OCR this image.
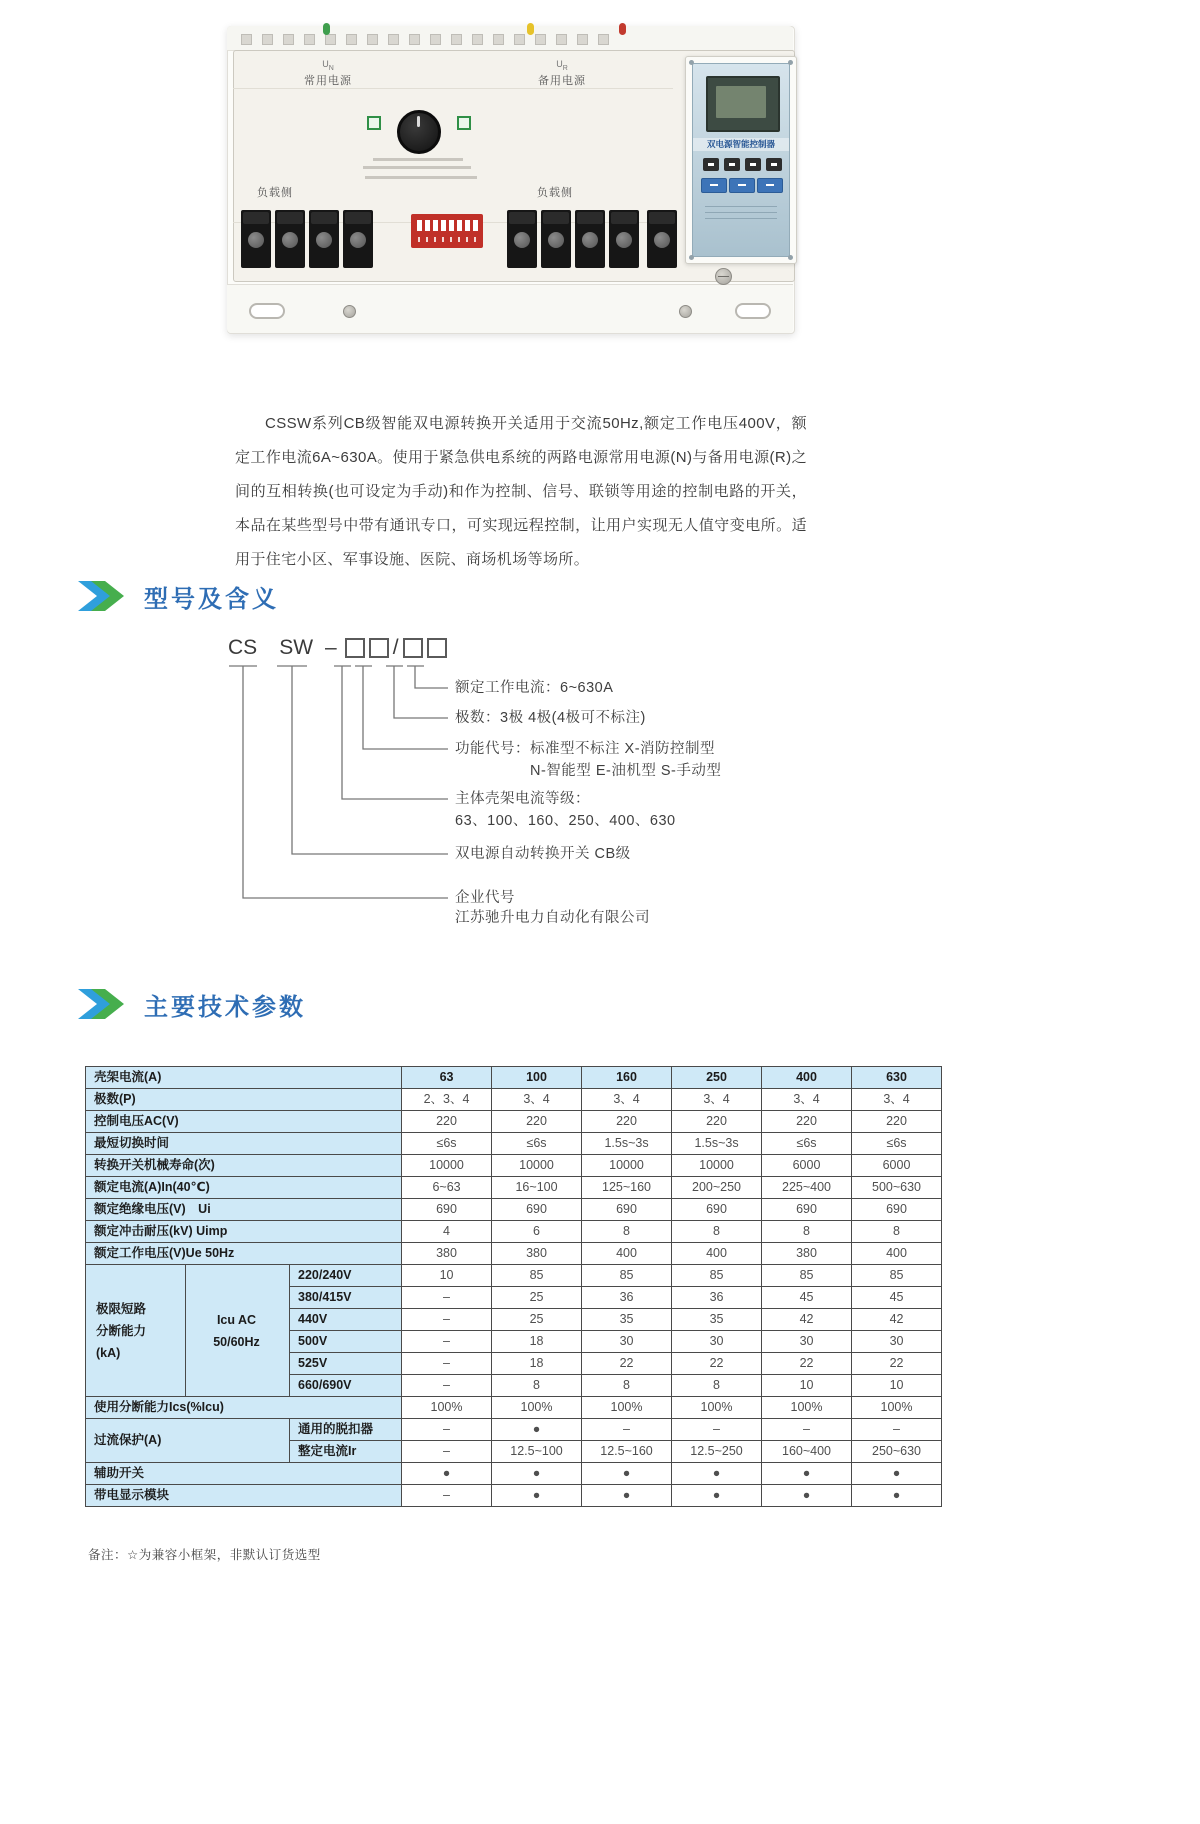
$U_N$
常用电源
$U_R$
备用电源
负载侧	负载侧
双电源智能控制器

CSSW系列CB级智能双电源转换开关适用于交流50Hz,额定工作电压400V，额定工作电流6A~630A。使用于紧急供电系统的两路电源常用电源(N)与备用电源(R)之间的互相转换(也可设定为手动)和作为控制、信号、联锁等用途的控制电路的开关，本品在某些型号中带有通讯专口，可实现远程控制，让用户实现无人值守变电所。适用于住宅小区、军事设施、医院、商场机场等场所。

型号及含义
CS SW –	/
额定工作电流：6~630A
极数：3极 4极(4极可不标注)
功能代号：标准型不标注 X-消防控制型
N-智能型 E-油机型 S-手动型
主体壳架电流等级：
63、100、160、250、400、630
双电源自动转换开关 CB级
企业代号
江苏驰升电力自动化有限公司
主要技术参数
壳架电流(A)			63	100	160	250	400	630
极数(P)			2、3、4	3、4	3、4	3、4	3、4	3、4
控制电压AC(V)			220	220	220	220	220	220
最短切换时间			≤6s	≤6s	1.5s~3s	1.5s~3s	≤6s	≤6s
转换开关机械寿命(次)			10000	10000	10000	10000	6000	6000
额定电流(A)In(40℃)			6~63	16~100	125~160	200~250	225~400	500~630
额定绝缘电压(V)　Ui			690	690	690	690	690	690
额定冲击耐压(kV) Uimp			4	6	8	8	8	8
额定工作电压(V)Ue 50Hz			380	380	400	400	380	400

极限短路
分断能力
(kA)

Icu AC
50/60Hz
	220/240V	10	85	85	85	85	85
		380/415V	–	25	36	36	45	45
		440V	–	25	35	35	42	42
		500V	–	18	30	30	30	30
		525V	–	18	22	22	22	22
		660/690V	–	8	8	8	10	10
使用分断能力Ics(%Icu)			100%	100%	100%	100%	100%	100%
过流保护(A)		通用的脱扣器	–	●	–	–	–	–
		整定电流Ir	–	12.5~100	12.5~160	12.5~250	160~400	250~630
辅助开关			●	●	●	●	●	●
带电显示模块			–	●	●	●	●	●
备注：☆为兼容小框架，非默认订货选型
